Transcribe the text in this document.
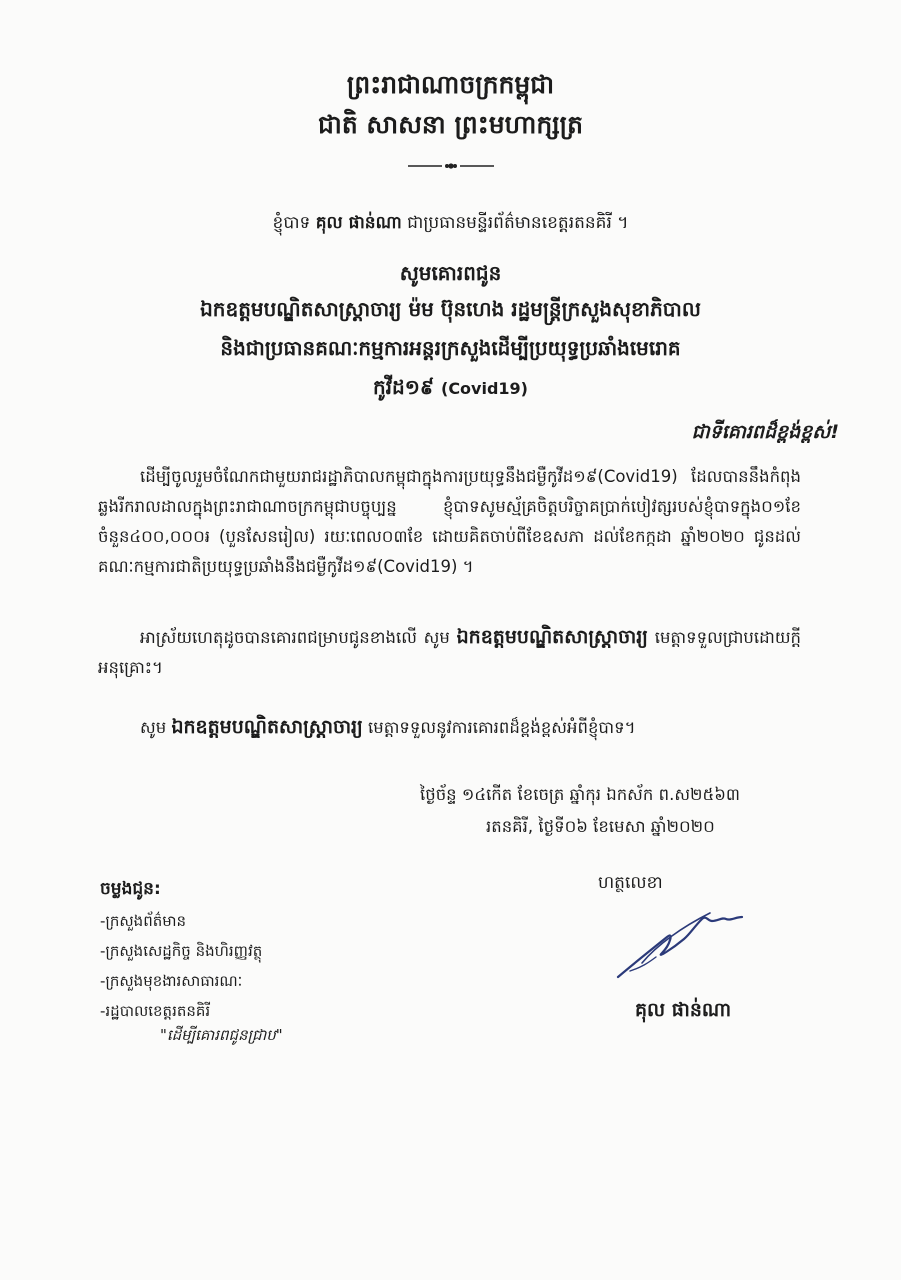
ព្រះរាជាណាចក្រកម្ពុជា
ជាតិ សាសនា ព្រះមហាក្សត្រ
ខ្ញុំបាទ គុល ផាន់ណា ជាប្រធានមន្ទីរព័ត៌មានខេត្តរតនគិរី ។
សូមគោរពជូន
ឯកឧត្តមបណ្ឌិតសាស្ត្រាចារ្យ ម៉ម ប៊ុនហេង រដ្ឋមន្ត្រីក្រសួងសុខាភិបាល
និងជាប្រធានគណៈកម្មការអន្តរក្រសួងដើម្បីប្រយុទ្ធប្រឆាំងមេរោគ
កូវីដ១៩ (Covid19)
ជាទីគោរពដ៏ខ្ពង់ខ្ពស់!
ដើម្បីចូលរួមចំណែកជាមួយរាជរដ្ឋាភិបាលកម្ពុជាក្នុងការប្រយុទ្ធនឹងជម្ងឺកូវីដ១៩(Covid19) ដែលបាននឹងកំពុងឆ្លងរីករាលដាលក្នុងព្រះរាជាណាចក្រកម្ពុជាបច្ចុប្បន្ន ខ្ញុំបាទសូមស្ម័គ្រចិត្តបរិច្ចាគប្រាក់បៀវត្សរបស់ខ្ញុំបាទក្នុង០១ខែ ចំនួន៤០០,០០០៛ (បួនសែនរៀល) រយៈពេល០៣ខែ ដោយគិតចាប់ពីខែឧសភា ដល់ខែកក្កដា ឆ្នាំ២០២០ ជូនដល់គណៈកម្មការជាតិប្រយុទ្ធប្រឆាំងនឹងជម្ងឺកូវីដ១៩(Covid19) ។
អាស្រ័យហេតុដូចបានគោរពជម្រាបជូនខាងលើ សូម ឯកឧត្តមបណ្ឌិតសាស្ត្រាចារ្យ មេត្តាទទួលជ្រាបដោយក្តីអនុគ្រោះ។
សូម ឯកឧត្តមបណ្ឌិតសាស្ត្រាចារ្យ មេត្តាទទួលនូវការគោរពដ៏ខ្ពង់ខ្ពស់អំពីខ្ញុំបាទ។
ថ្ងៃច័ន្ទ ១៤កើត ខែចេត្រ ឆ្នាំកុរ ឯកស័ក ព.ស២៥៦៣
រតនគិរី, ថ្ងៃទី០៦ ខែមេសា ឆ្នាំ២០២០
ចម្លងជូន:
-ក្រសួងព័ត៌មាន
-ក្រសួងសេដ្ឋកិច្ច និងហិរញ្ញវត្ថុ
-ក្រសួងមុខងារសាធារណៈ
-រដ្ឋបាលខេត្តរតនគិរី
"ដើម្បីគោរពជូនជ្រាប"
ហត្ថលេខា
គុល ផាន់ណា
